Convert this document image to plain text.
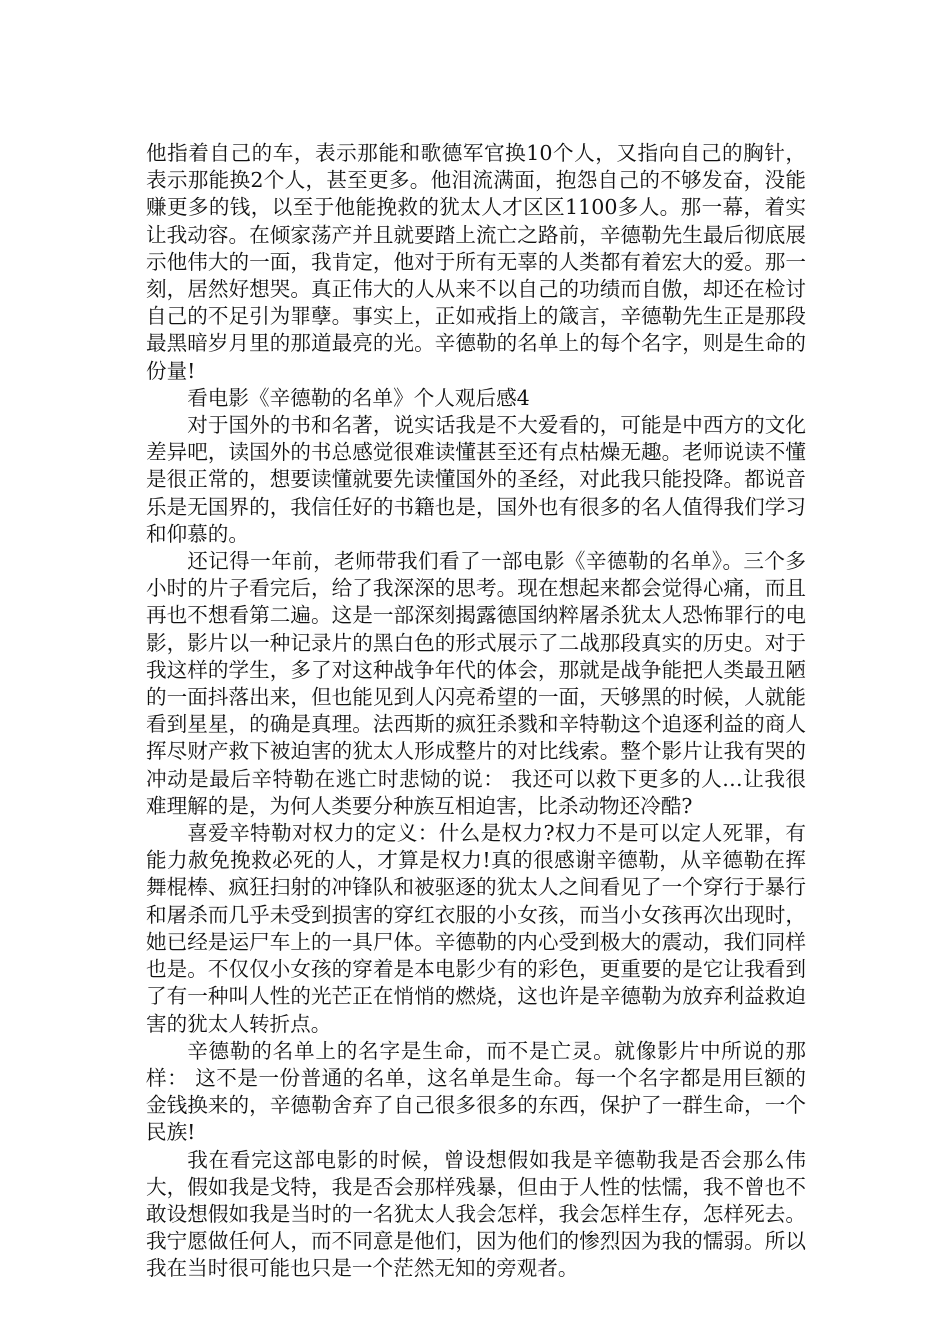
他指着自己的车，表示那能和歌德军官换10个人，又指向自己的胸针，表示那能换2个人，甚至更多。他泪流满面，抱怨自己的不够发奋，没能赚更多的钱，以至于他能挽救的犹太人才区区1100多人。那一幕，着实让我动容。在倾家荡产并且就要踏上流亡之路前，辛德勒先生最后彻底展示他伟大的一面，我肯定，他对于所有无辜的人类都有着宏大的爱。那一刻，居然好想哭。真正伟大的人从来不以自己的功绩而自傲，却还在检讨自己的不足引为罪孽。事实上，正如戒指上的箴言，辛德勒先生正是那段最黑暗岁月里的那道最亮的光。辛德勒的名单上的每个名字，则是生命的份量!

看电影《辛德勒的名单》个人观后感4

对于国外的书和名著，说实话我是不大爱看的，可能是中西方的文化差异吧，读国外的书总感觉很难读懂甚至还有点枯燥无趣。老师说读不懂是很正常的，想要读懂就要先读懂国外的圣经，对此我只能投降。都说音乐是无国界的，我信任好的书籍也是，国外也有很多的名人值得我们学习和仰慕的。

还记得一年前，老师带我们看了一部电影《辛德勒的名单》。三个多小时的片子看完后，给了我深深的思考。现在想起来都会觉得心痛，而且再也不想看第二遍。这是一部深刻揭露德国纳粹屠杀犹太人恐怖罪行的电影，影片以一种记录片的黑白色的形式展示了二战那段真实的历史。对于我这样的学生，多了对这种战争年代的体会，那就是战争能把人类最丑陋的一面抖落出来，但也能见到人闪亮希望的一面，天够黑的时候，人就能看到星星，的确是真理。法西斯的疯狂杀戮和辛特勒这个追逐利益的商人挥尽财产救下被迫害的犹太人形成整片的对比线索。整个影片让我有哭的冲动是最后辛特勒在逃亡时悲恸的说： 我还可以救下更多的人…让我很难理解的是，为何人类要分种族互相迫害，比杀动物还冷酷?

喜爱辛特勒对权力的定义：什么是权力?权力不是可以定人死罪，有能力赦免挽救必死的人，才算是权力!真的很感谢辛德勒，从辛德勒在挥舞棍棒、疯狂扫射的冲锋队和被驱逐的犹太人之间看见了一个穿行于暴行和屠杀而几乎未受到损害的穿红衣服的小女孩，而当小女孩再次出现时，她已经是运尸车上的一具尸体。辛德勒的内心受到极大的震动，我们同样也是。不仅仅小女孩的穿着是本电影少有的彩色，更重要的是它让我看到了有一种叫人性的光芒正在悄悄的燃烧，这也许是辛德勒为放弃利益救迫害的犹太人转折点。

辛德勒的名单上的名字是生命，而不是亡灵。就像影片中所说的那样： 这不是一份普通的名单，这名单是生命。每一个名字都是用巨额的金钱换来的，辛德勒舍弃了自己很多很多的东西，保护了一群生命，一个民族!

我在看完这部电影的时候，曾设想假如我是辛德勒我是否会那么伟大，假如我是戈特，我是否会那样残暴，但由于人性的怯懦，我不曾也不敢设想假如我是当时的一名犹太人我会怎样，我会怎样生存，怎样死去。我宁愿做任何人，而不同意是他们，因为他们的惨烈因为我的懦弱。所以我在当时很可能也只是一个茫然无知的旁观者。
